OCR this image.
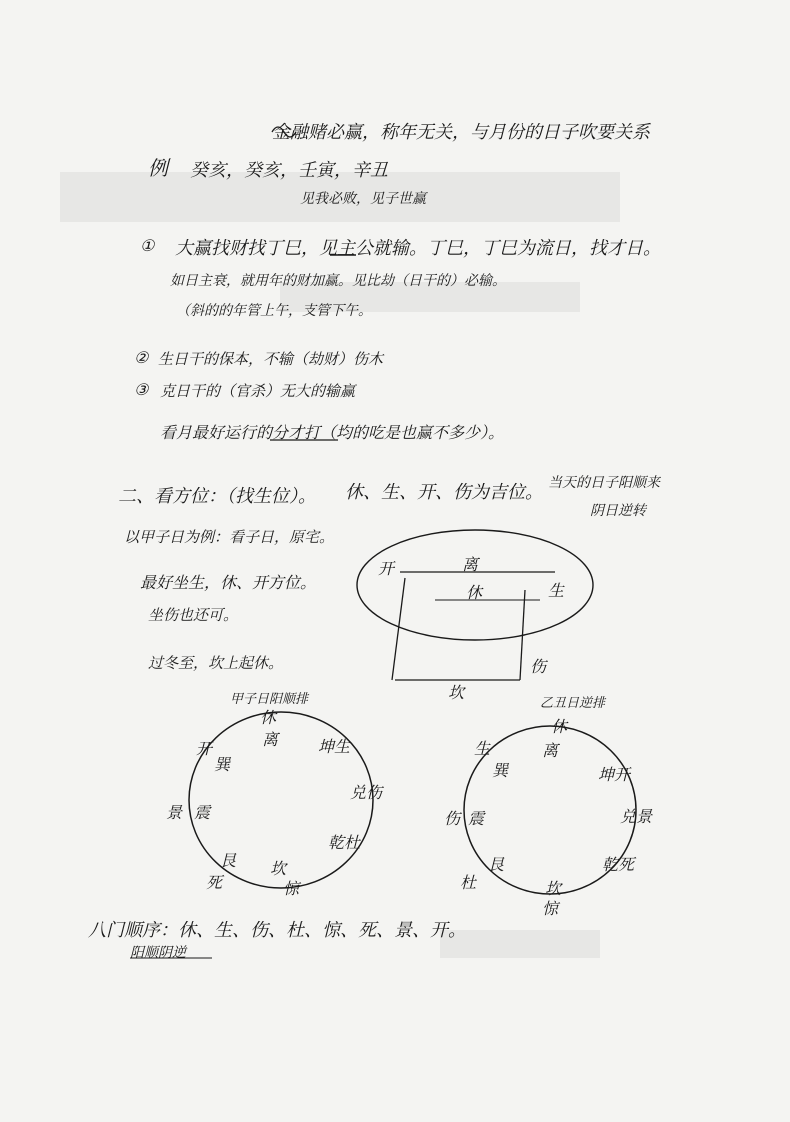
金融赌必赢，称年无关，与月份的日子吹要关系
例 癸亥，癸亥，壬寅，辛丑
见我必败，见子世赢
① 大赢找财找丁巳，见主公就输。丁巳，丁巳为流日，找才日。
如日主衰，就用年的财加赢。见比劫（日干的）必输。
（斜的的年管上午，支管下午。
② 生日干的保本，不输（劫财）伤木
③ 克日干的（官杀）无大的输赢
看月最好运行的分才打（均的吃是也赢不多少）。
二、看方位：（找生位）。 休、生、开、伤为吉位。 当天的日子阳顺来
阴日逆转
以甲子日为例：看子日，原宅。
最好坐生，休、开方位。
坐伤也还可。
过冬至，坎上起休。
开	离
休	生
伤
坎
甲子日阳顺排
休
离 坤生
兑伤
乾杜
惊
坎
死
艮
景 震
开
巽
乙丑日逆排
休
离
坤开
兑景
乾死
惊
坎
杜
艮
伤 震
生
巽
八门顺序：休、生、伤、杜、惊、死、景、开。
阳顺阴逆
